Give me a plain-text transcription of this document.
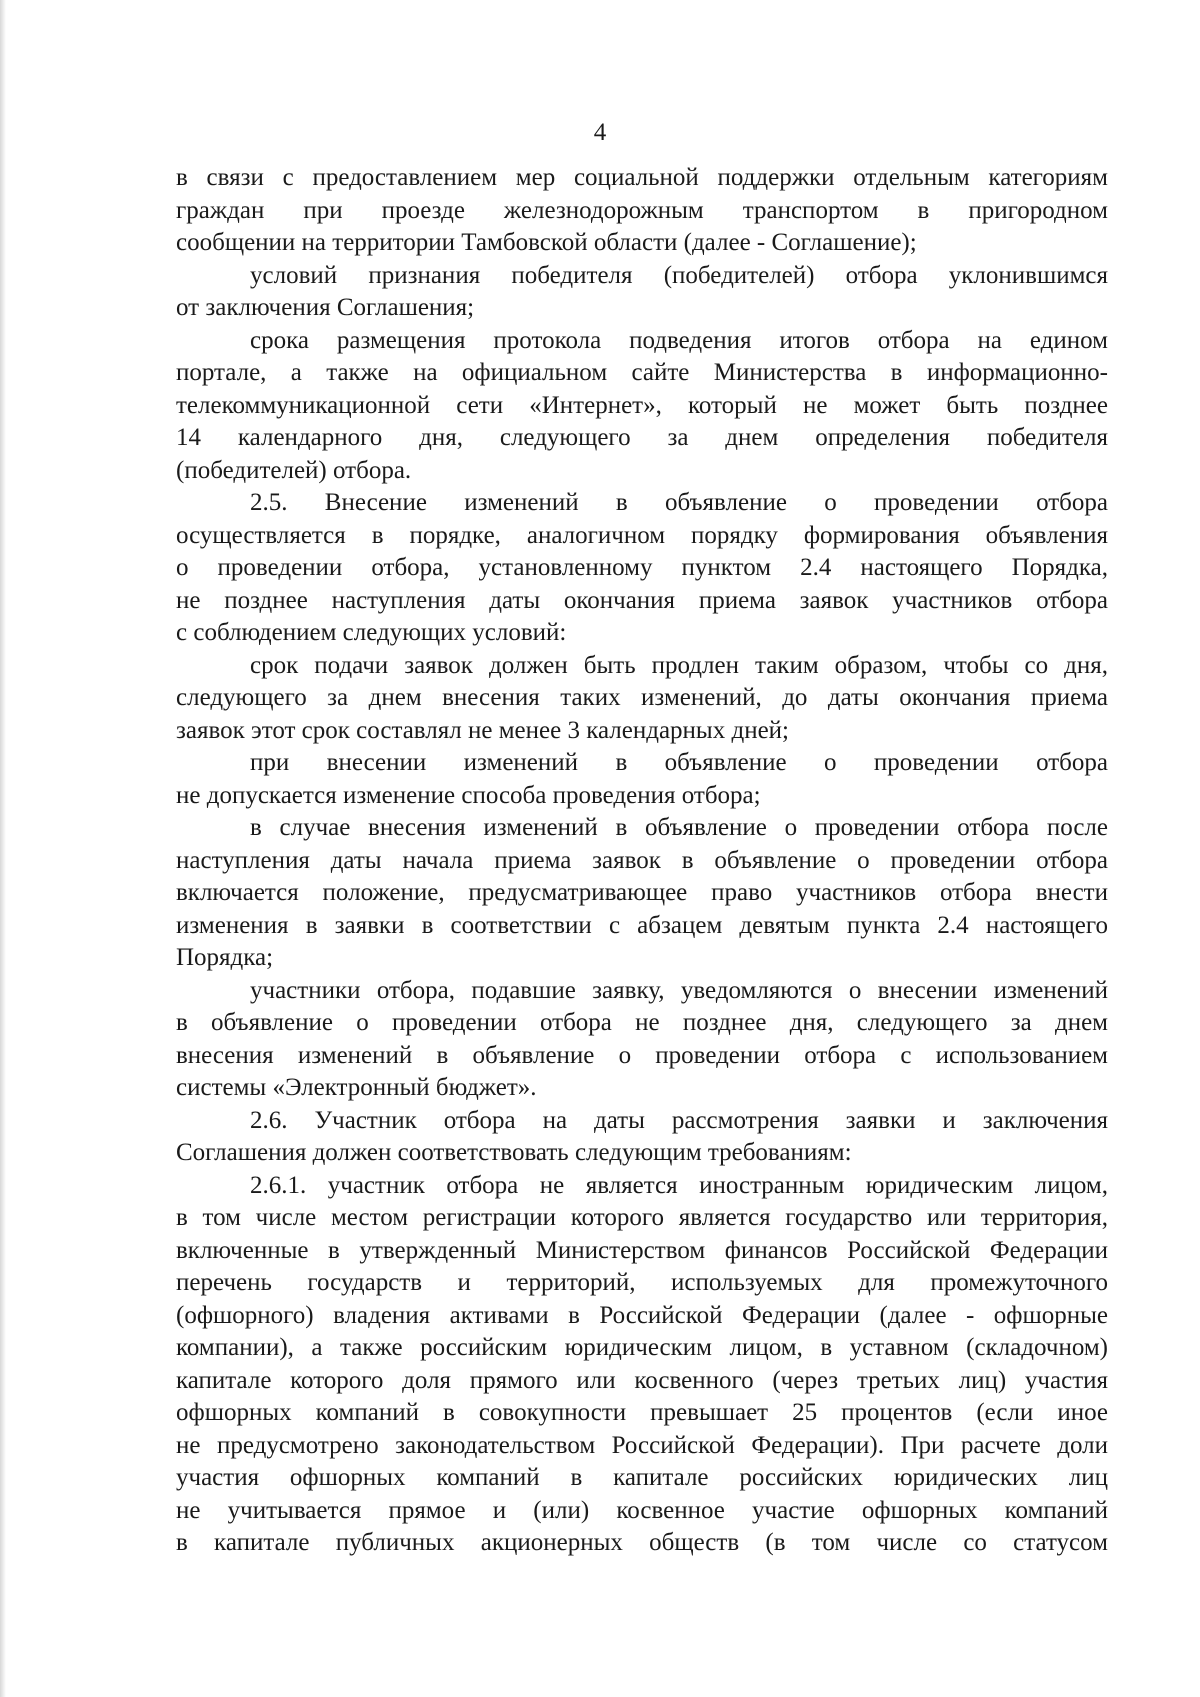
4
в связи с предоставлением мер социальной поддержки отдельным категориям
граждан при проезде железнодорожным транспортом в пригородном
сообщении на территории Тамбовской области (далее - Соглашение);
условий признания победителя (победителей) отбора уклонившимся
от заключения Соглашения;
срока размещения протокола подведения итогов отбора на едином
портале, а также на официальном сайте Министерства в информационно-
телекоммуникационной сети «Интернет», который не может быть позднее
14 календарного дня, следующего за днем определения победителя
(победителей) отбора.
2.5. Внесение изменений в объявление о проведении отбора
осуществляется в порядке, аналогичном порядку формирования объявления
о проведении отбора, установленному пунктом 2.4 настоящего Порядка,
не позднее наступления даты окончания приема заявок участников отбора
с соблюдением следующих условий:
срок подачи заявок должен быть продлен таким образом, чтобы со дня,
следующего за днем внесения таких изменений, до даты окончания приема
заявок этот срок составлял не менее 3 календарных дней;
при внесении изменений в объявление о проведении отбора
не допускается изменение способа проведения отбора;
в случае внесения изменений в объявление о проведении отбора после
наступления даты начала приема заявок в объявление о проведении отбора
включается положение, предусматривающее право участников отбора внести
изменения в заявки в соответствии с абзацем девятым пункта 2.4 настоящего
Порядка;
участники отбора, подавшие заявку, уведомляются о внесении изменений
в объявление о проведении отбора не позднее дня, следующего за днем
внесения изменений в объявление о проведении отбора с использованием
системы «Электронный бюджет».
2.6. Участник отбора на даты рассмотрения заявки и заключения
Соглашения должен соответствовать следующим требованиям:
2.6.1. участник отбора не является иностранным юридическим лицом,
в том числе местом регистрации которого является государство или территория,
включенные в утвержденный Министерством финансов Российской Федерации
перечень государств и территорий, используемых для промежуточного
(офшорного) владения активами в Российской Федерации (далее - офшорные
компании), а также российским юридическим лицом, в уставном (складочном)
капитале которого доля прямого или косвенного (через третьих лиц) участия
офшорных компаний в совокупности превышает 25 процентов (если иное
не предусмотрено законодательством Российской Федерации). При расчете доли
участия офшорных компаний в капитале российских юридических лиц
не учитывается прямое и (или) косвенное участие офшорных компаний
в капитале публичных акционерных обществ (в том числе со статусом
